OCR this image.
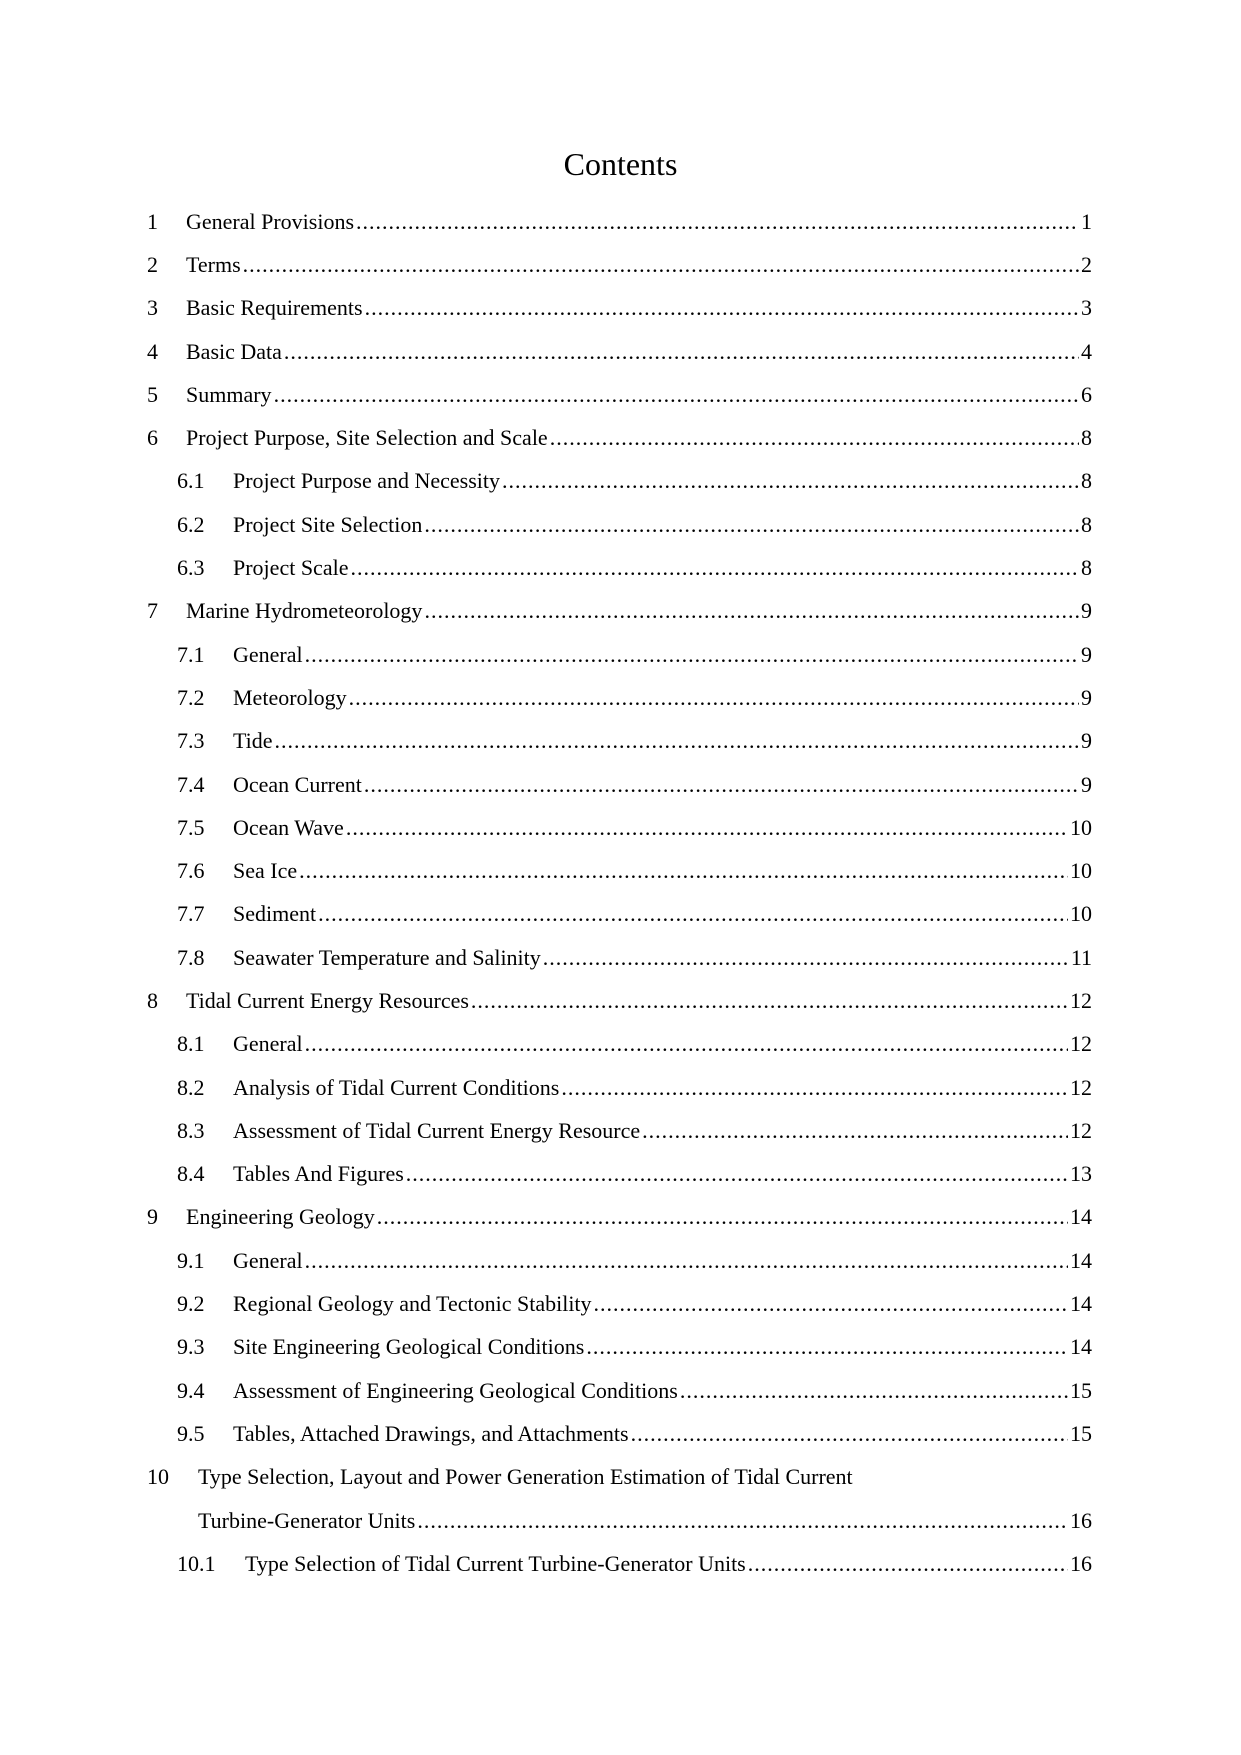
Contents
1	General Provisions .....	1
2	Terms .....	2
3	Basic Requirements .....	3
4	Basic Data .....	4
5	Summary .....	6
6	Project Purpose, Site Selection and Scale .....	8
6.1	Project Purpose and Necessity .....	8
6.2	Project Site Selection .....	8
6.3	Project Scale .....	8
7	Marine Hydrometeorology .....	9
7.1	General .....	9
7.2	Meteorology .....	9
7.3	Tide .....	9
7.4	Ocean Current .....	9
7.5	Ocean Wave .....	10
7.6	Sea Ice .....	10
7.7	Sediment .....	10
7.8	Seawater Temperature and Salinity .....	11
8	Tidal Current Energy Resources .....	12
8.1	General .....	12
8.2	Analysis of Tidal Current Conditions .....	12
8.3	Assessment of Tidal Current Energy Resource .....	12
8.4	Tables And Figures .....	13
9	Engineering Geology .....	14
9.1	General .....	14
9.2	Regional Geology and Tectonic Stability .....	14
9.3	Site Engineering Geological Conditions .....	14
9.4	Assessment of Engineering Geological Conditions .....	15
9.5	Tables, Attached Drawings, and Attachments .....	15
10	Type Selection, Layout and Power Generation Estimation of Tidal Current
Turbine-Generator Units .....	16
10.1	Type Selection of Tidal Current Turbine-Generator Units .....	16
